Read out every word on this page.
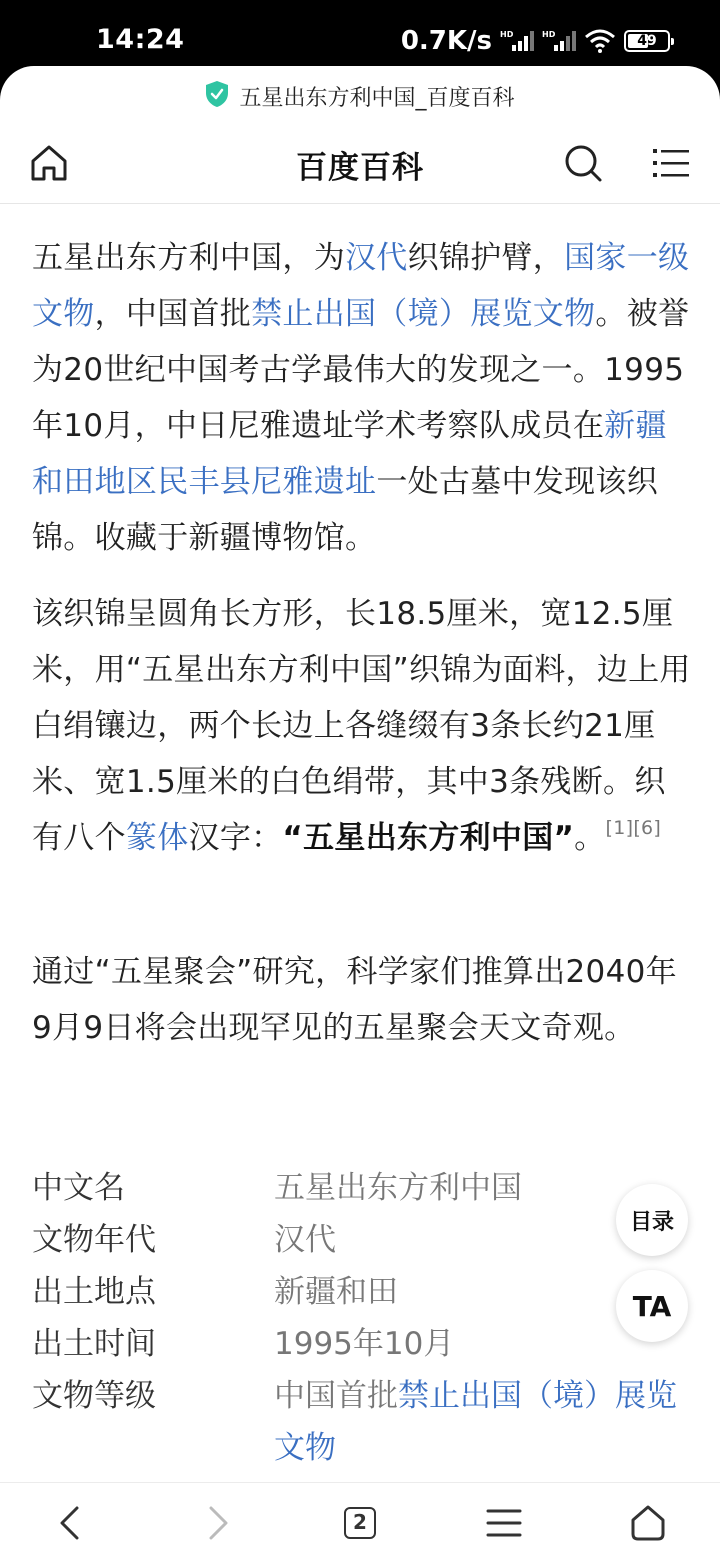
14:24	0.7K/s HD	HD	49
五星出东方利中国_百度百科
百度百科

五星出东方利中国，为汉代织锦护臂，国家一级文物，中国首批禁止出国（境）展览文物。被誉为20世纪中国考古学最伟大的发现之一。1995年10月，中日尼雅遗址学术考察队成员在新疆和田地区民丰县尼雅遗址一处古墓中发现该织锦。收藏于新疆博物馆。

该织锦呈圆角长方形，长18.5厘米，宽12.5厘米，用“五星出东方利中国”织锦为面料，边上用白绢镶边，两个长边上各缝缀有3条长约21厘米、宽1.5厘米的白色绢带，其中3条残断。织有八个篆体汉字：“五星出东方利中国”。[1][6]

通过“五星聚会”研究，科学家们推算出2040年9月9日将会出现罕见的五星聚会天文奇观。

中文名	五星出东方利中国
文物年代	汉代
出土地点	新疆和田
出土时间	1995年10月
文物等级	中国首批禁止出国（境）展览文物
目录
TA
2
